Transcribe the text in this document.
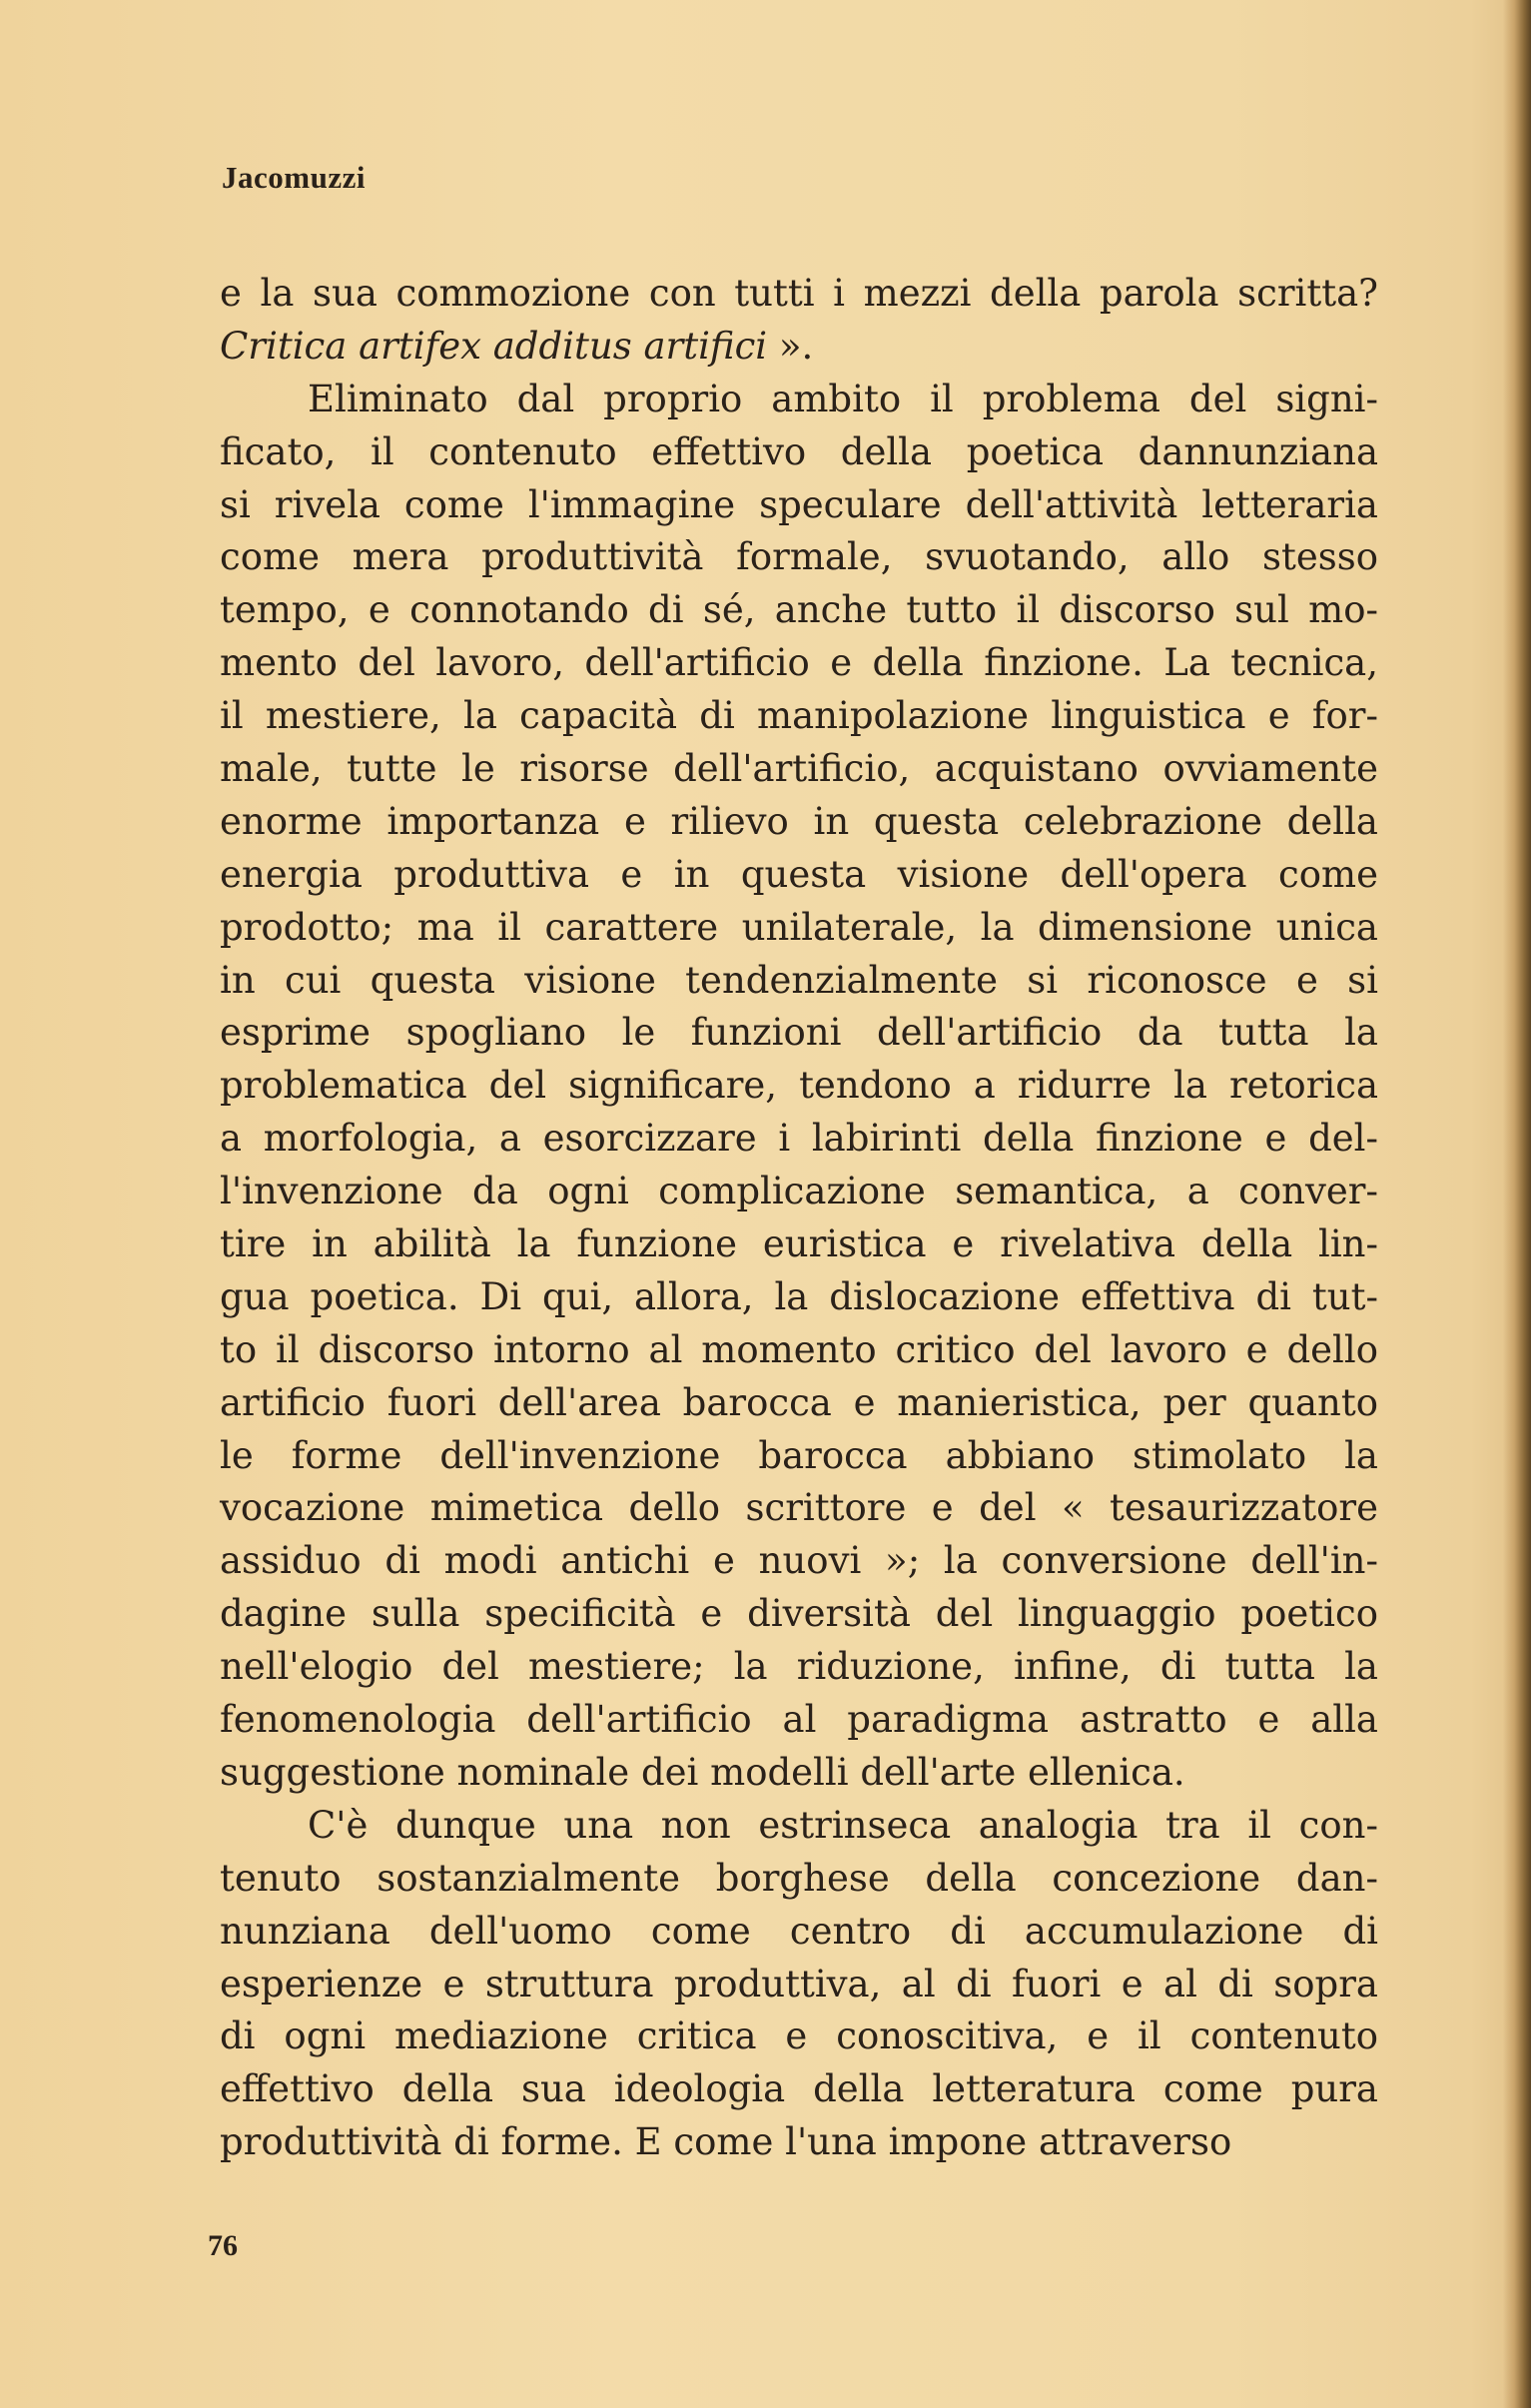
Jacomuzzi
e la sua commozione con tutti i mezzi della parola scritta?
Critica artifex additus artifici ».
Eliminato dal proprio ambito il problema del signi-
ficato, il contenuto effettivo della poetica dannunziana
si rivela come l'immagine speculare dell'attività letteraria
come mera produttività formale, svuotando, allo stesso
tempo, e connotando di sé, anche tutto il discorso sul mo-
mento del lavoro, dell'artificio e della finzione. La tecnica,
il mestiere, la capacità di manipolazione linguistica e for-
male, tutte le risorse dell'artificio, acquistano ovviamente
enorme importanza e rilievo in questa celebrazione della
energia produttiva e in questa visione dell'opera come
prodotto; ma il carattere unilaterale, la dimensione unica
in cui questa visione tendenzialmente si riconosce e si
esprime spogliano le funzioni dell'artificio da tutta la
problematica del significare, tendono a ridurre la retorica
a morfologia, a esorcizzare i labirinti della finzione e del-
l'invenzione da ogni complicazione semantica, a conver-
tire in abilità la funzione euristica e rivelativa della lin-
gua poetica. Di qui, allora, la dislocazione effettiva di tut-
to il discorso intorno al momento critico del lavoro e dello
artificio fuori dell'area barocca e manieristica, per quanto
le forme dell'invenzione barocca abbiano stimolato la
vocazione mimetica dello scrittore e del « tesaurizzatore
assiduo di modi antichi e nuovi »; la conversione dell'in-
dagine sulla specificità e diversità del linguaggio poetico
nell'elogio del mestiere; la riduzione, infine, di tutta la
fenomenologia dell'artificio al paradigma astratto e alla
suggestione nominale dei modelli dell'arte ellenica.
C'è dunque una non estrinseca analogia tra il con-
tenuto sostanzialmente borghese della concezione dan-
nunziana dell'uomo come centro di accumulazione di
esperienze e struttura produttiva, al di fuori e al di sopra
di ogni mediazione critica e conoscitiva, e il contenuto
effettivo della sua ideologia della letteratura come pura
produttività di forme. E come l'una impone attraverso

76
